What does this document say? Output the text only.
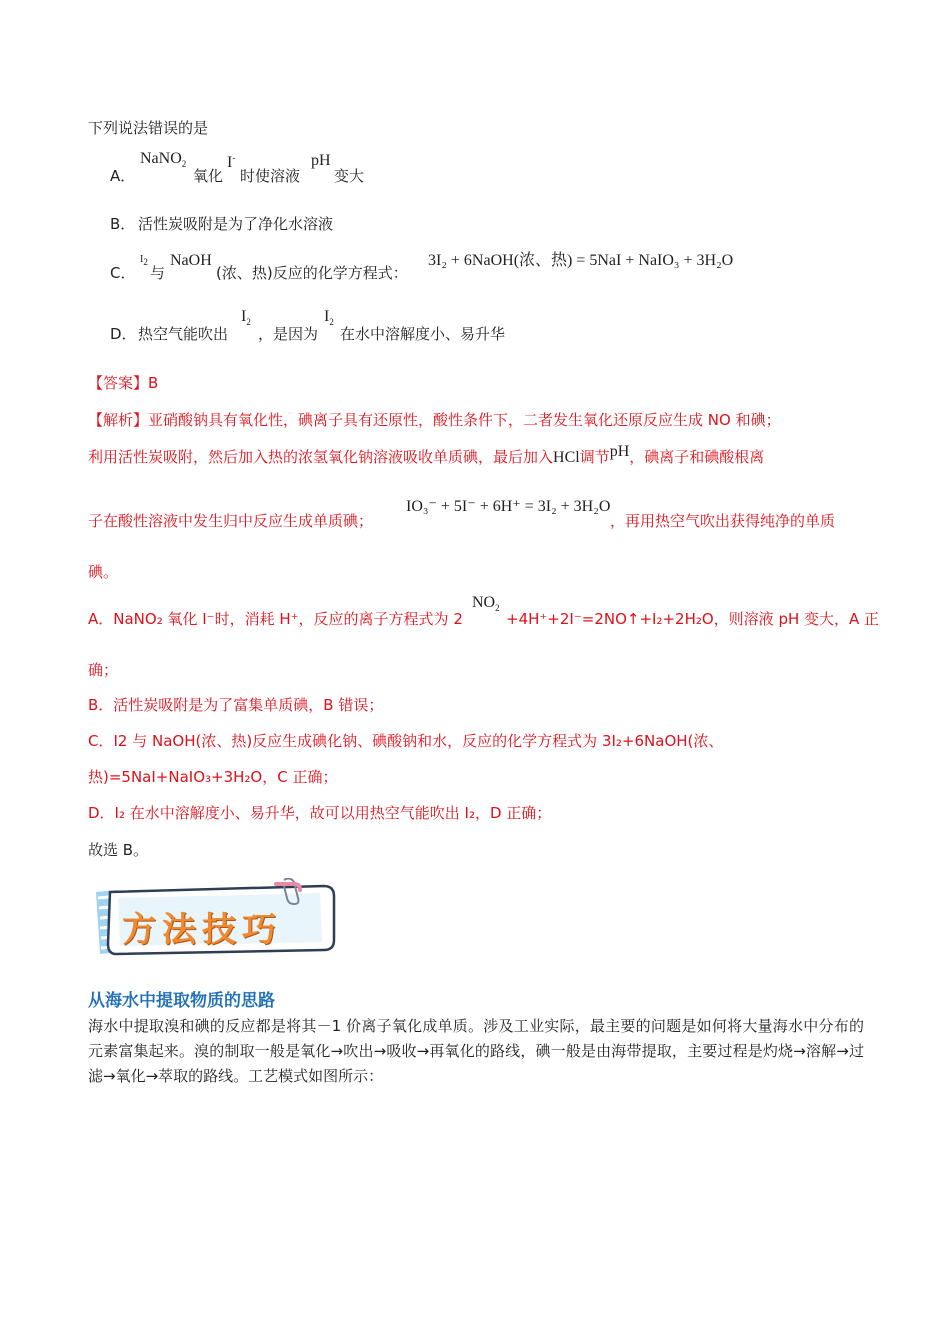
下列说法错误的是
A．
NaNO$_2$
氧化
I-
时使溶液
pH
变大
B． 活性炭吸附是为了净化水溶液
C．
$I_2$
与
NaOH
(浓、热)反应的化学方程式：
3I₂ + 6NaOH(浓、热) = 5NaI + NaIO₃ + 3H₂O
D． 热空气能吹出
$I_2$
，是因为
$I_2$
在水中溶解度小、易升华
【答案】B
【解析】亚硝酸钠具有氧化性，碘离子具有还原性，酸性条件下，二者发生氧化还原反应生成 NO 和碘；
利用活性炭吸附，然后加入热的浓氢氧化钠溶液吸收单质碘，最后加入HCl调节pH，碘离子和碘酸根离
子在酸性溶液中发生归中反应生成单质碘；
IO₃⁻ + 5I⁻ + 6H⁺ = 3I₂ + 3H₂O
，再用热空气吹出获得纯净的单质
碘。
A．NaNO₂ 氧化 I⁻时，消耗 H⁺，反应的离子方程式为 2
$NO_2$
+4H⁺+2I⁻=2NO↑+I₂+2H₂O，则溶液 pH 变大，A 正
确；
B．活性炭吸附是为了富集单质碘，B 错误；
C．I2 与 NaOH(浓、热)反应生成碘化钠、碘酸钠和水，反应的化学方程式为 3I₂+6NaOH(浓、
热)=5NaI+NaIO₃+3H₂O，C 正确；
D．I₂ 在水中溶解度小、易升华，故可以用热空气能吹出 I₂，D 正确；
故选 B。
方法技巧
从海水中提取物质的思路
海水中提取溴和碘的反应都是将其－1 价离子氧化成单质。涉及工业实际，最主要的问题是如何将大量海水中分布的元素富集起来。溴的制取一般是氧化→吹出→吸收→再氧化的路线，碘一般是由海带提取，主要过程是灼烧→溶解→过滤→氧化→萃取的路线。工艺模式如图所示：
